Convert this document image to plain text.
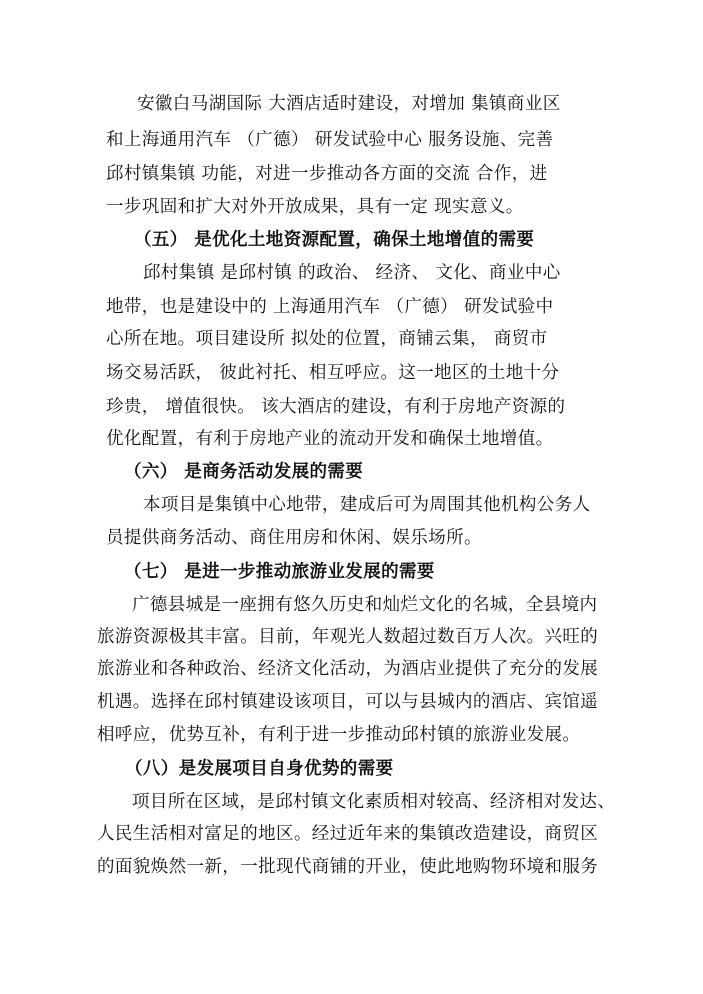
安徽白马湖国际 大酒店适时建设，对增加 集镇商业区
和上海通用汽车 （广德） 研发试验中心 服务设施、完善
邱村镇集镇 功能，对进一步推动各方面的交流 合作，进
一步巩固和扩大对外开放成果，具有一定 现实意义。
（五） 是优化土地资源配置，确保土地增值的需要
邱村集镇 是邱村镇 的政治、 经济、 文化、商业中心
地带，也是建设中的 上海通用汽车 （广德） 研发试验中
心所在地。项目建设所 拟处的位置，商铺云集， 商贸市
场交易活跃， 彼此衬托、相互呼应。这一地区的土地十分
珍贵， 增值很快。 该大酒店的建设，有利于房地产资源的
优化配置，有利于房地产业的流动开发和确保土地增值。
（六） 是商务活动发展的需要
本项目是集镇中心地带，建成后可为周围其他机构公务人
员提供商务活动、商住用房和休闲、娱乐场所。
（七） 是进一步推动旅游业发展的需要
广德县城是一座拥有悠久历史和灿烂文化的名城，全县境内
旅游资源极其丰富。目前，年观光人数超过数百万人次。兴旺的
旅游业和各种政治、经济文化活动，为酒店业提供了充分的发展
机遇。选择在邱村镇建设该项目，可以与县城内的酒店、宾馆遥
相呼应，优势互补，有利于进一步推动邱村镇的旅游业发展。
（八）是发展项目自身优势的需要
项目所在区域，是邱村镇文化素质相对较高、经济相对发达、
人民生活相对富足的地区。经过近年来的集镇改造建设，商贸区
的面貌焕然一新，一批现代商铺的开业，使此地购物环境和服务
